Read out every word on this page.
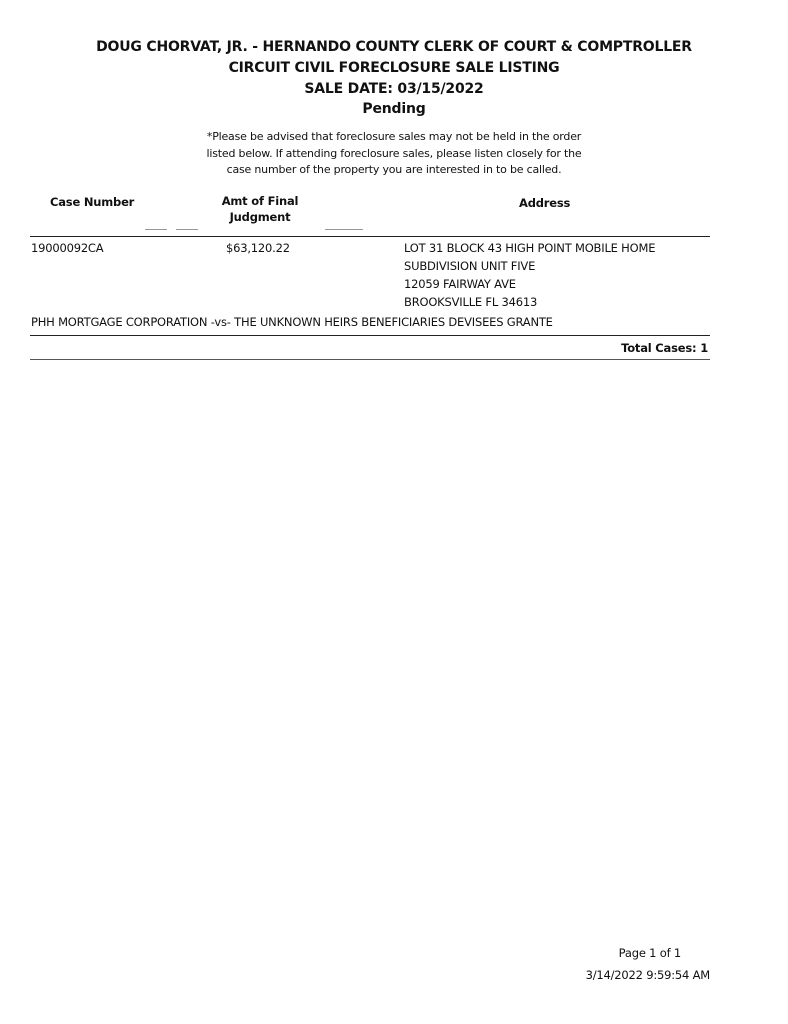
DOUG CHORVAT, JR. - HERNANDO COUNTY CLERK OF COURT & COMPTROLLER
CIRCUIT CIVIL FORECLOSURE SALE LISTING
SALE DATE: 03/15/2022
Pending
*Please be advised that foreclosure sales may not be held in the order
listed below. If attending foreclosure sales, please listen closely for the
case number of the property you are interested in to be called.
Case Number	Amt of Final
Judgment
Address
19000092CA	$63,120.22	LOT 31 BLOCK 43 HIGH POINT MOBILE HOME
SUBDIVISION UNIT FIVE
12059 FAIRWAY AVE
BROOKSVILLE FL 34613
PHH MORTGAGE CORPORATION -vs- THE UNKNOWN HEIRS BENEFICIARIES DEVISEES GRANTE
Total Cases: 1
Page 1 of 1
3/14/2022 9:59:54 AM
